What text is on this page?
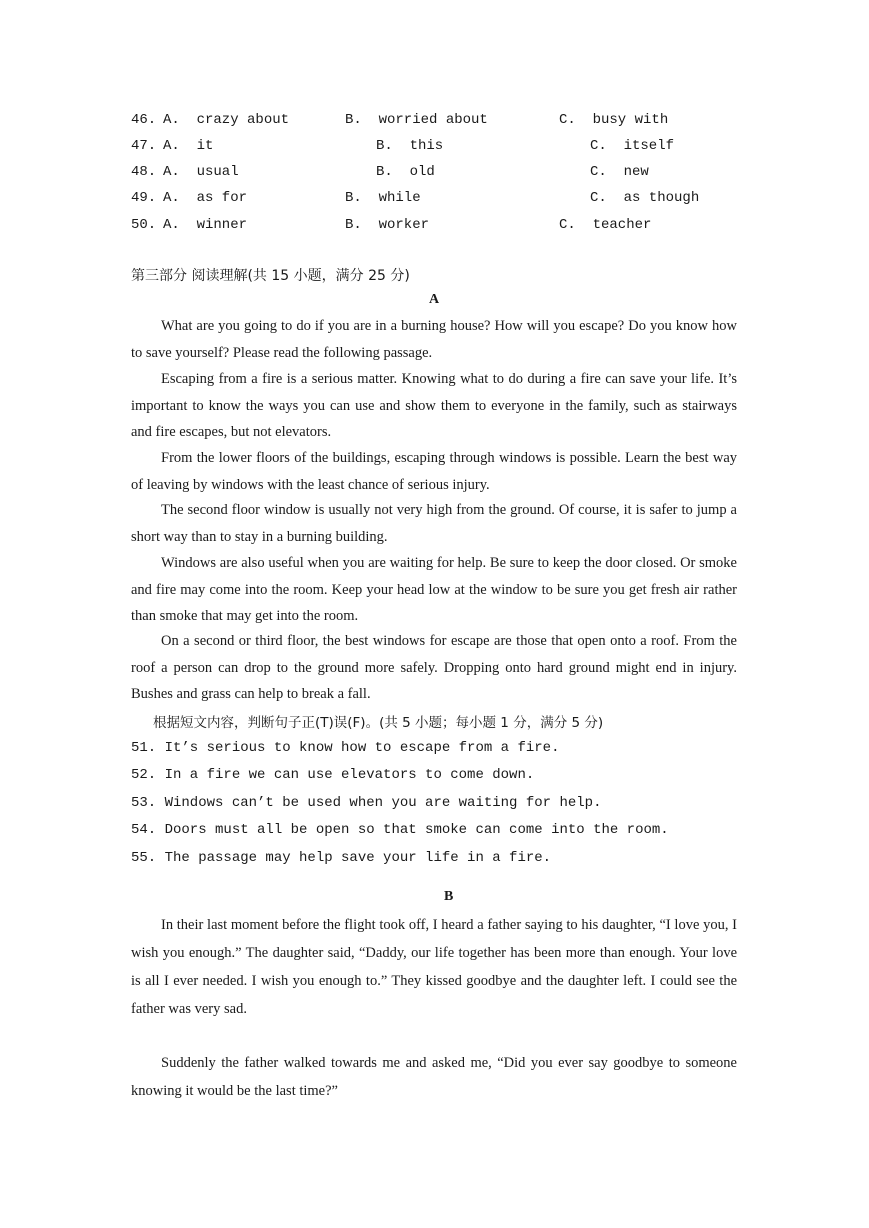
46. A.  crazy about	B.  worried about	C.  busy with
47. A.  it	B.  this	C.  itself
48. A.  usual	B.  old	C.  new
49. A.  as for	B.  while	C.  as though
50. A.  winner	B.  worker	C.  teacher
第三部分 阅读理解(共 15 小题，满分 25 分)
A

What are you going to do if you are in a burning house? How will you escape? Do you know how to save yourself? Please read the following passage.

Escaping from a fire is a serious matter. Knowing what to do during a fire can save your life. It’s important to know the ways you can use and show them to everyone in the family, such as stairways and fire escapes, but not elevators.

From the lower floors of the buildings, escaping through windows is possible. Learn the best way of leaving by windows with the least chance of serious injury.

The second floor window is usually not very high from the ground. Of course, it is safer to jump a short way than to stay in a burning building.

Windows are also useful when you are waiting for help. Be sure to keep the door closed. Or smoke and fire may come into the room. Keep your head low at the window to be sure you get fresh air rather than smoke that may get into the room.

On a second or third floor, the best windows for escape are those that open onto a roof. From the roof a person can drop to the ground more safely. Dropping onto hard ground might end in injury. Bushes and grass can help to break a fall.

根据短文内容，判断句子正(T)误(F)。(共 5 小题；每小题 1 分，满分 5 分)
51. It’s serious to know how to escape from a fire.
52. In a fire we can use elevators to come down.
53. Windows can’t be used when you are waiting for help.
54. Doors must all be open so that smoke can come into the room.
55. The passage may help save your life in a fire.
B

In their last moment before the flight took off, I heard a father saying to his daughter, “I love you, I wish you enough.” The daughter said, “Daddy, our life together has been more than enough. Your love is all I ever needed. I wish you enough to.” They kissed goodbye and the daughter left. I could see the father was very sad.

Suddenly the father walked towards me and asked me, “Did you ever say goodbye to someone knowing it would be the last time?”
